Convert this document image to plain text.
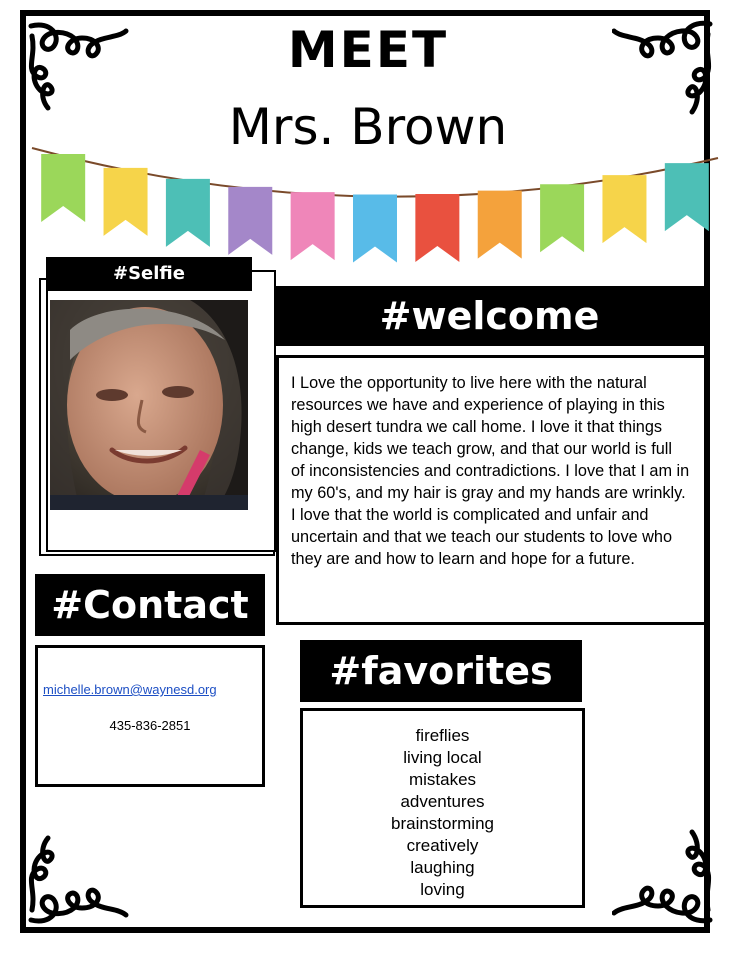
MEET
Mrs. Brown
#Selfie
#welcome
I Love the opportunity to live here with the natural resources we have and experience of playing in this high desert tundra we call home. I love it that things change, kids we teach grow, and that our world is full of inconsistencies and contradictions. I love that I am in my 60's, and my hair is gray and my hands are wrinkly. I love that the world is complicated and unfair and uncertain and that we teach our students to love who they are and how to learn and hope for a future.
#Contact
michelle.brown@waynesd.org
435-836-2851
#favorites
fireflies
living local
mistakes
adventures
brainstorming
creatively
laughing
loving
